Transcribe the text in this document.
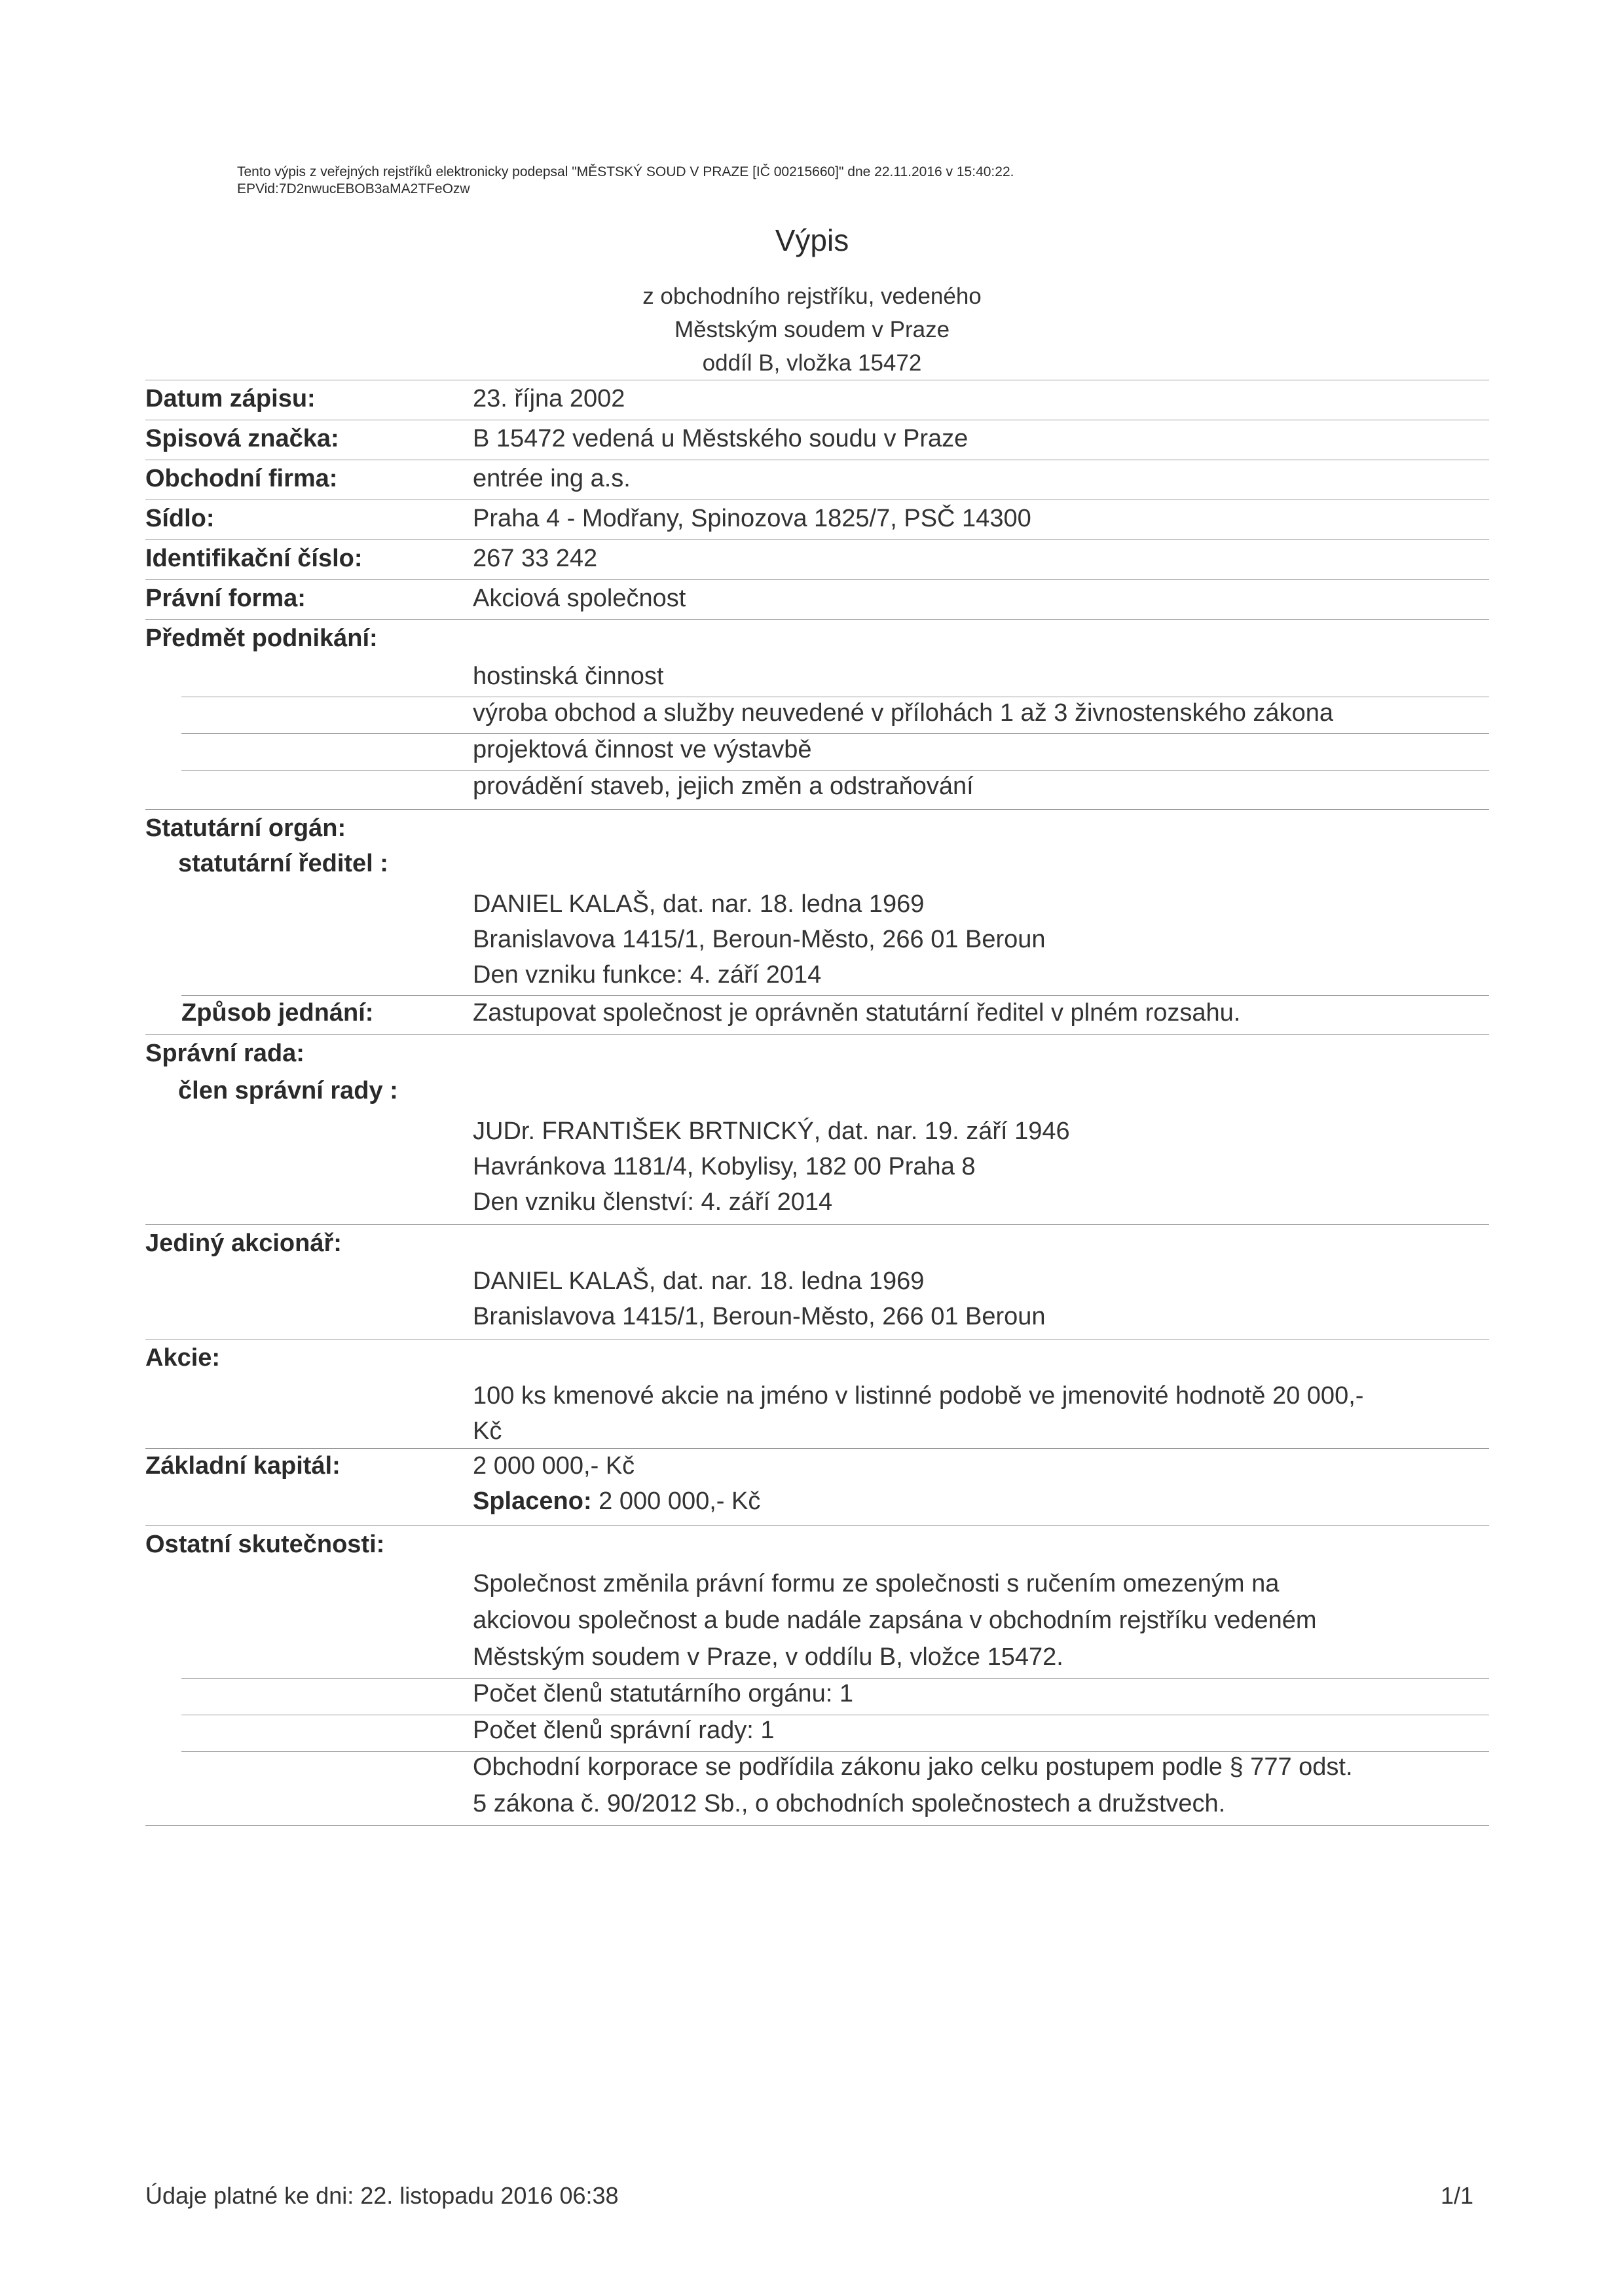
Tento výpis z veřejných rejstříků elektronicky podepsal "MĚSTSKÝ SOUD V PRAZE [IČ 00215660]" dne 22.11.2016 v 15:40:22.
EPVid:7D2nwucEBOB3aMA2TFeOzw
Výpis
z obchodního rejstříku, vedeného
Městským soudem v Praze
oddíl B, vložka 15472
Datum zápisu:	23. října 2002
Spisová značka:	B 15472 vedená u Městského soudu v Praze
Obchodní firma:	entrée ing a.s.
Sídlo:	Praha 4 - Modřany, Spinozova 1825/7, PSČ 14300
Identifikační číslo:	267 33 242
Právní forma:	Akciová společnost
Předmět podnikání:
hostinská činnost
výroba obchod a služby neuvedené v přílohách 1 až 3 živnostenského zákona
projektová činnost ve výstavbě
provádění staveb, jejich změn a odstraňování
Statutární orgán:
statutární ředitel :
DANIEL KALAŠ, dat. nar. 18. ledna 1969
Branislavova 1415/1, Beroun-Město, 266 01 Beroun
Den vzniku funkce: 4. září 2014
Způsob jednání:	Zastupovat společnost je oprávněn statutární ředitel v plném rozsahu.
Správní rada:
člen správní rady :
JUDr. FRANTIŠEK BRTNICKÝ, dat. nar. 19. září 1946
Havránkova 1181/4, Kobylisy, 182 00 Praha 8
Den vzniku členství: 4. září 2014
Jediný akcionář:
DANIEL KALAŠ, dat. nar. 18. ledna 1969
Branislavova 1415/1, Beroun-Město, 266 01 Beroun
Akcie:
100 ks kmenové akcie na jméno v listinné podobě ve jmenovité hodnotě 20 000,-
Kč
Základní kapitál:	2 000 000,- Kč
Splaceno: 2 000 000,- Kč
Ostatní skutečnosti:
Společnost změnila právní formu ze společnosti s ručením omezeným na
akciovou společnost a bude nadále zapsána v obchodním rejstříku vedeném
Městským soudem v Praze, v oddílu B, vložce 15472.
Počet členů statutárního orgánu: 1
Počet členů správní rady: 1
Obchodní korporace se podřídila zákonu jako celku postupem podle § 777 odst.
5 zákona č. 90/2012 Sb., o obchodních společnostech a družstvech.
Údaje platné ke dni: 22. listopadu 2016 06:38	1/1
